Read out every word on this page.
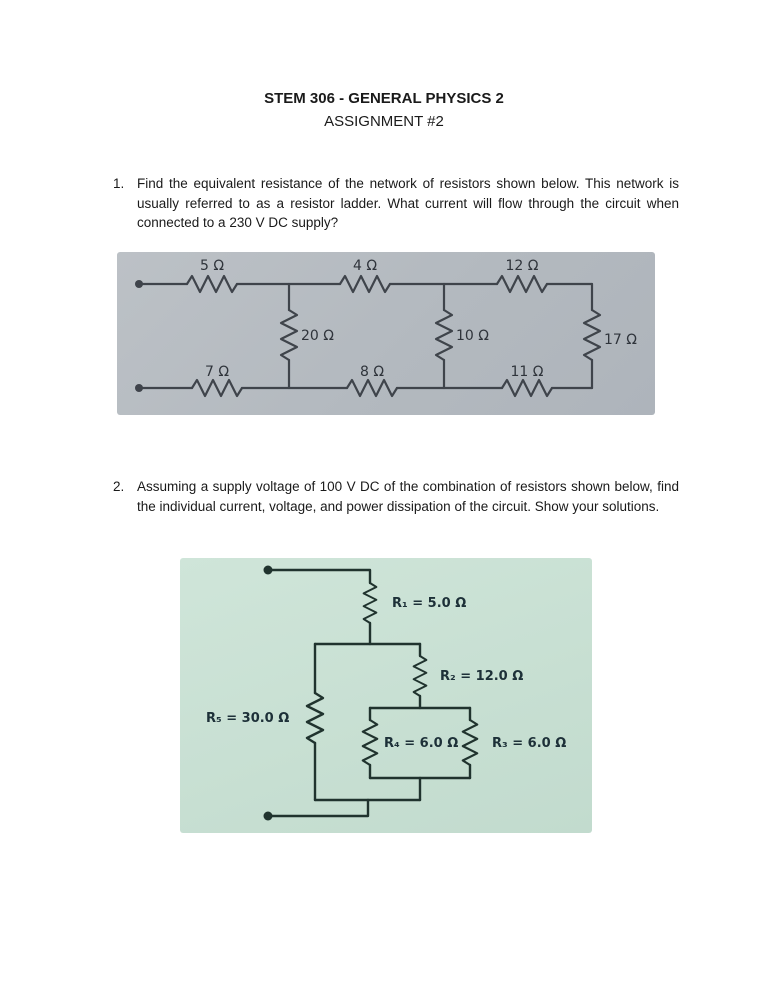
STEM 306 - GENERAL PHYSICS 2
ASSIGNMENT #2
1. Find the equivalent resistance of the network of resistors shown below. This network is usually referred to as a resistor ladder. What current will flow through the circuit when connected to a 230 V DC supply?

5 Ω	4 Ω	12 Ω
20 Ω	10 Ω	17 Ω
7 Ω	8 Ω	11 Ω
2. Assuming a supply voltage of 100 V DC of the combination of resistors shown below, find the individual current, voltage, and power dissipation of the circuit. Show your solutions.

R₁ = 5.0 Ω
R₂ = 12.0 Ω
R₅ = 30.0 Ω
R₄ = 6.0 Ω	R₃ = 6.0 Ω
